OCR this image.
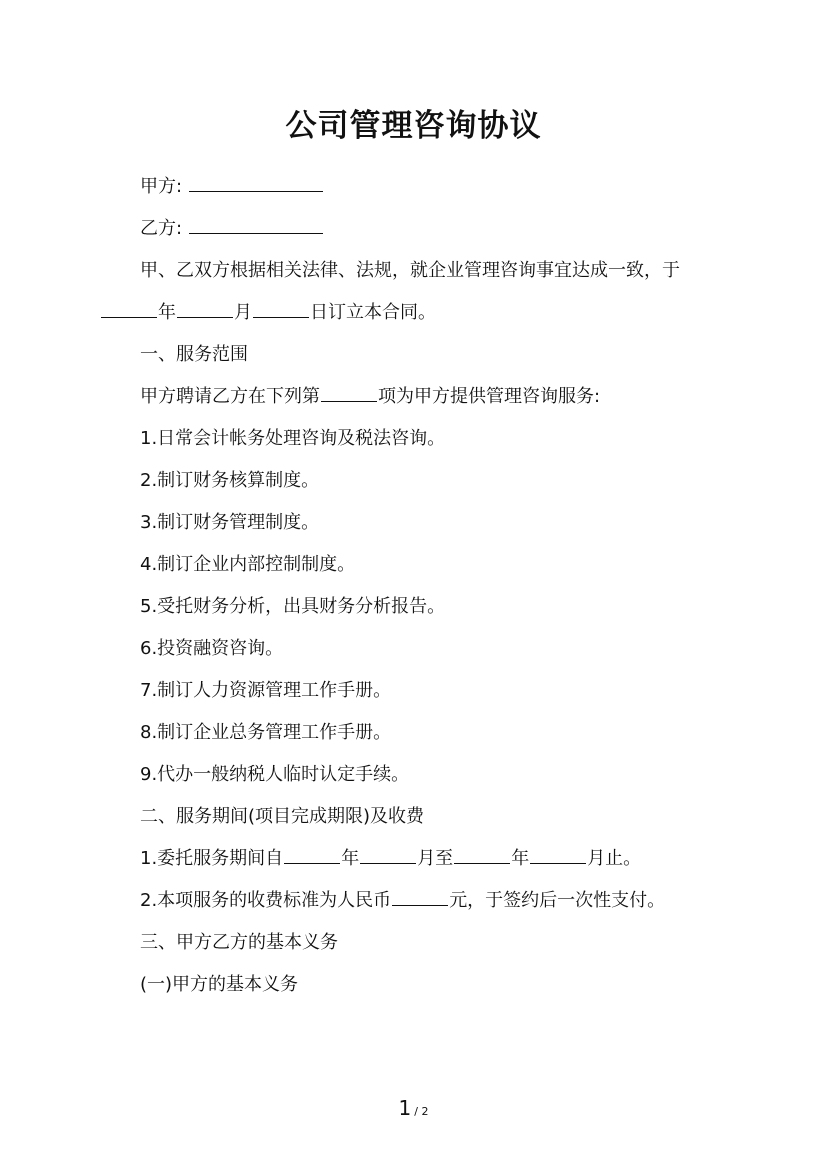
公司管理咨询协议
甲方:
乙方:
甲、乙双方根据相关法律、法规，就企业管理咨询事宜达成一致，于
年	月	日订立本合同。
一、服务范围
甲方聘请乙方在下列第	项为甲方提供管理咨询服务:
1.日常会计帐务处理咨询及税法咨询。
2.制订财务核算制度。
3.制订财务管理制度。
4.制订企业内部控制制度。
5.受托财务分析，出具财务分析报告。
6.投资融资咨询。
7.制订人力资源管理工作手册。
8.制订企业总务管理工作手册。
9.代办一般纳税人临时认定手续。
二、服务期间(项目完成期限)及收费
1.委托服务期间自	年	月至	年	月止。
2.本项服务的收费标准为人民币	元，于签约后一次性支付。
三、甲方乙方的基本义务
(一)甲方的基本义务
1 / 2
